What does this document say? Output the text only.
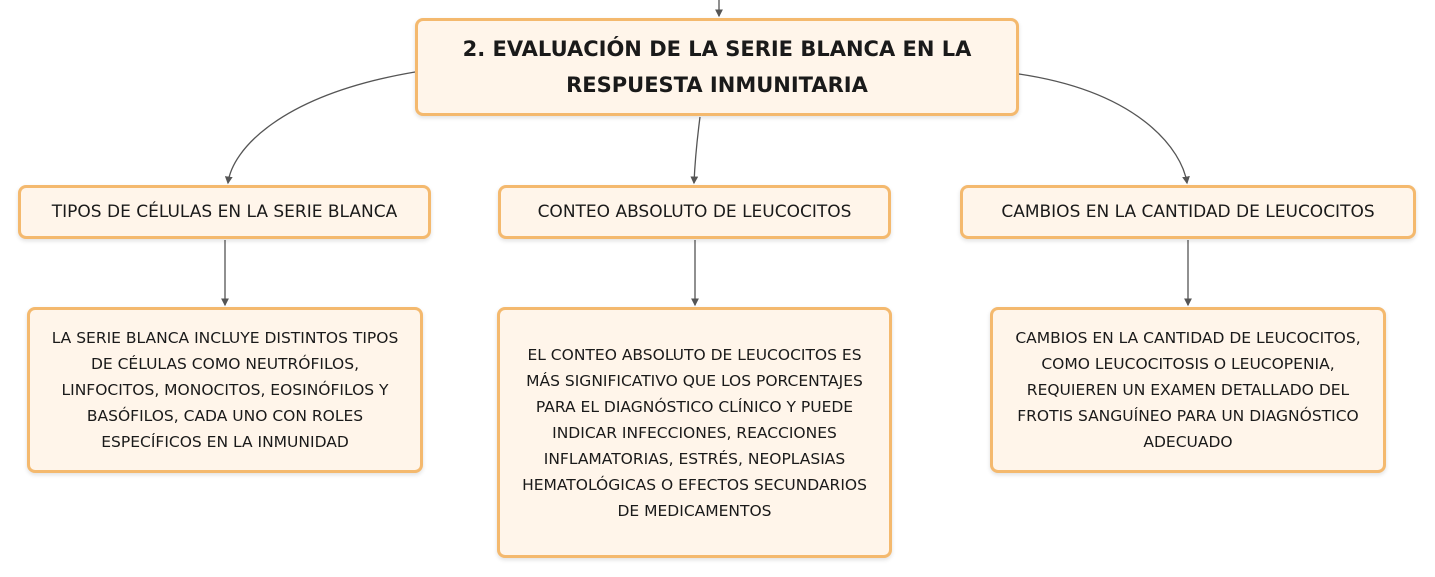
2. EVALUACIÓN DE LA SERIE BLANCA EN LA RESPUESTA INMUNITARIA
TIPOS DE CÉLULAS EN LA SERIE BLANCA	CONTEO ABSOLUTO DE LEUCOCITOS	CAMBIOS EN LA CANTIDAD DE LEUCOCITOS
LA SERIE BLANCA INCLUYE DISTINTOS TIPOS DE CÉLULAS COMO NEUTRÓFILOS, LINFOCITOS, MONOCITOS, EOSINÓFILOS Y BASÓFILOS, CADA UNO CON ROLES ESPECÍFICOS EN LA INMUNIDAD
EL CONTEO ABSOLUTO DE LEUCOCITOS ES MÁS SIGNIFICATIVO QUE LOS PORCENTAJES PARA EL DIAGNÓSTICO CLÍNICO Y PUEDE INDICAR INFECCIONES, REACCIONES INFLAMATORIAS, ESTRÉS, NEOPLASIAS HEMATOLÓGICAS O EFECTOS SECUNDARIOS DE MEDICAMENTOS
CAMBIOS EN LA CANTIDAD DE LEUCOCITOS, COMO LEUCOCITOSIS O LEUCOPENIA, REQUIEREN UN EXAMEN DETALLADO DEL FROTIS SANGUÍNEO PARA UN DIAGNÓSTICO ADECUADO
